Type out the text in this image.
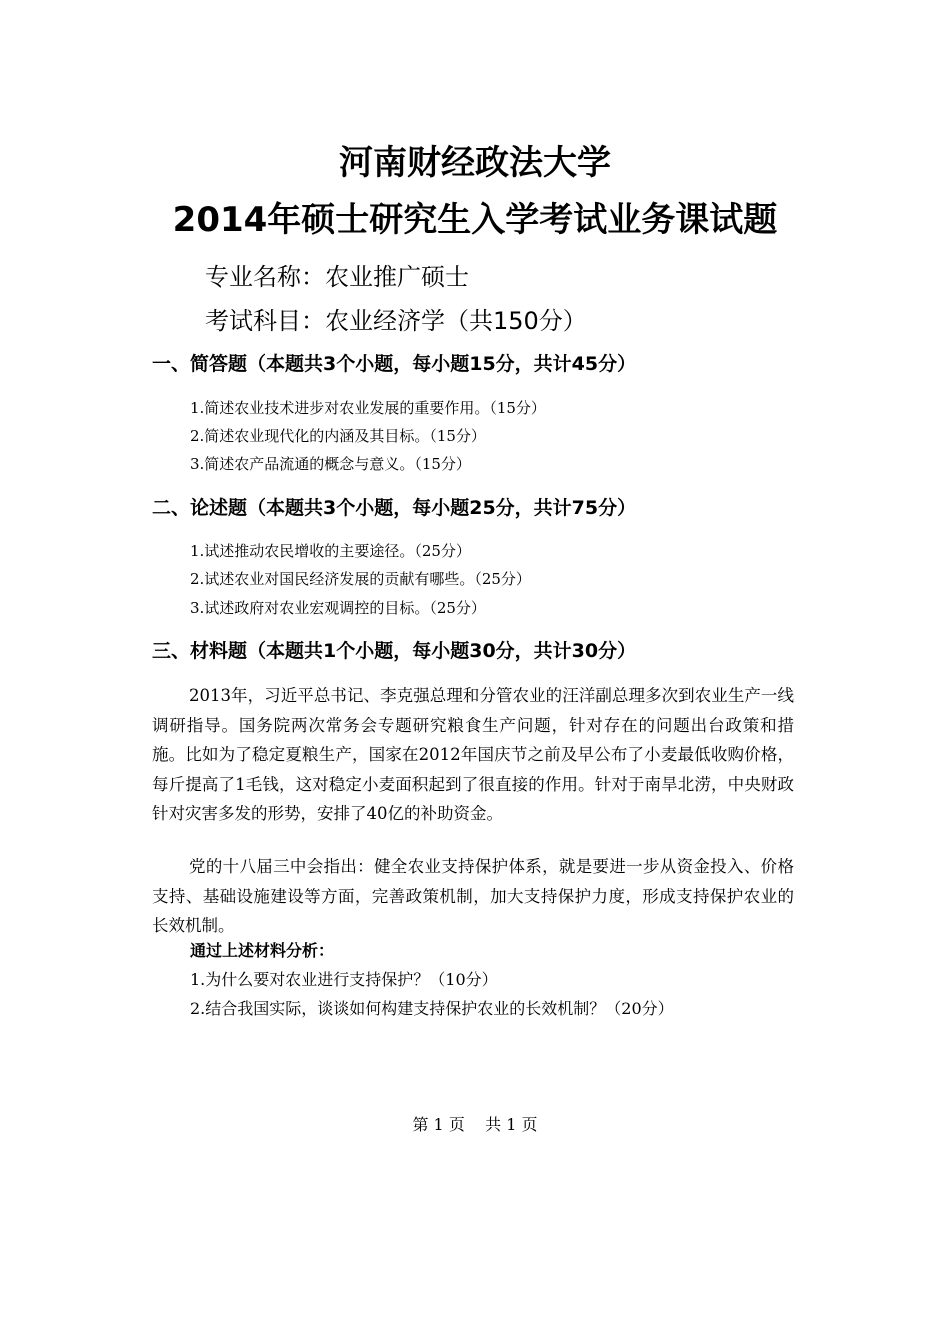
河南财经政法大学
2014年硕士研究生入学考试业务课试题
专业名称：农业推广硕士
考试科目：农业经济学（共150分）
一、简答题（本题共3个小题，每小题15分，共计45分）
1.简述农业技术进步对农业发展的重要作用。（15分）
2.简述农业现代化的内涵及其目标。（15分）
3.简述农产品流通的概念与意义。（15分）
二、论述题（本题共3个小题，每小题25分，共计75分）
1.试述推动农民增收的主要途径。（25分）
2.试述农业对国民经济发展的贡献有哪些。（25分）
3.试述政府对农业宏观调控的目标。（25分）
三、材料题（本题共1个小题，每小题30分，共计30分）

2013年，习近平总书记、李克强总理和分管农业的汪洋副总理多次到农业生产一线调研指导。国务院两次常务会专题研究粮食生产问题，针对存在的问题出台政策和措施。比如为了稳定夏粮生产，国家在2012年国庆节之前及早公布了小麦最低收购价格，每斤提高了1毛钱，这对稳定小麦面积起到了很直接的作用。针对于南旱北涝，中央财政针对灾害多发的形势，安排了40亿的补助资金。

党的十八届三中会指出：健全农业支持保护体系，就是要进一步从资金投入、价格支持、基础设施建设等方面，完善政策机制，加大支持保护力度，形成支持保护农业的长效机制。

通过上述材料分析：
1.为什么要对农业进行支持保护？（10分）
2.结合我国实际，谈谈如何构建支持保护农业的长效机制？（20分）
第 1 页    共 1 页
